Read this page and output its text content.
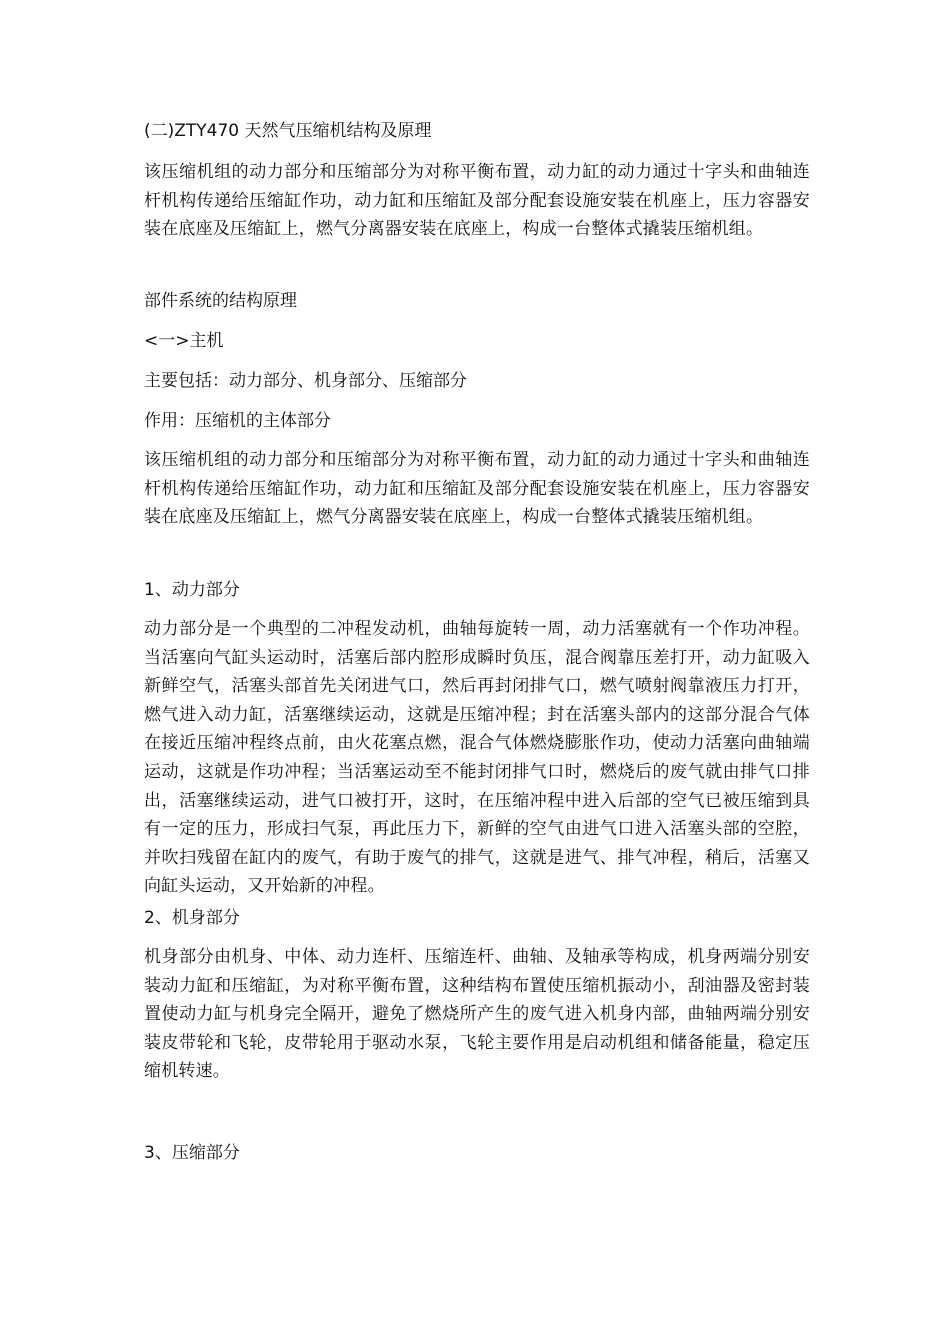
(二)ZTY470 天然气压缩机结构及原理

该压缩机组的动力部分和压缩部分为对称平衡布置，动力缸的动力通过十字头和曲轴连杆机构传递给压缩缸作功，动力缸和压缩缸及部分配套设施安装在机座上，压力容器安装在底座及压缩缸上，燃气分离器安装在底座上，构成一台整体式撬装压缩机组。

部件系统的结构原理
<一>主机
主要包括：动力部分、机身部分、压缩部分
作用：压缩机的主体部分

该压缩机组的动力部分和压缩部分为对称平衡布置，动力缸的动力通过十字头和曲轴连杆机构传递给压缩缸作功，动力缸和压缩缸及部分配套设施安装在机座上，压力容器安装在底座及压缩缸上，燃气分离器安装在底座上，构成一台整体式撬装压缩机组。

1、动力部分

动力部分是一个典型的二冲程发动机，曲轴每旋转一周，动力活塞就有一个作功冲程。当活塞向气缸头运动时，活塞后部内腔形成瞬时负压，混合阀靠压差打开，动力缸吸入新鲜空气，活塞头部首先关闭进气口，然后再封闭排气口，燃气喷射阀靠液压力打开，燃气进入动力缸，活塞继续运动，这就是压缩冲程；封在活塞头部内的这部分混合气体在接近压缩冲程终点前，由火花塞点燃，混合气体燃烧膨胀作功，使动力活塞向曲轴端运动，这就是作功冲程；当活塞运动至不能封闭排气口时，燃烧后的废气就由排气口排出，活塞继续运动，进气口被打开，这时，在压缩冲程中进入后部的空气已被压缩到具有一定的压力，形成扫气泵，再此压力下，新鲜的空气由进气口进入活塞头部的空腔，并吹扫残留在缸内的废气，有助于废气的排气，这就是进气、排气冲程，稍后，活塞又向缸头运动，又开始新的冲程。

2、机身部分

机身部分由机身、中体、动力连杆、压缩连杆、曲轴、及轴承等构成，机身两端分别安装动力缸和压缩缸，为对称平衡布置，这种结构布置使压缩机振动小，刮油器及密封装置使动力缸与机身完全隔开，避免了燃烧所产生的废气进入机身内部，曲轴两端分别安装皮带轮和飞轮，皮带轮用于驱动水泵，飞轮主要作用是启动机组和储备能量，稳定压缩机转速。

3、压缩部分
